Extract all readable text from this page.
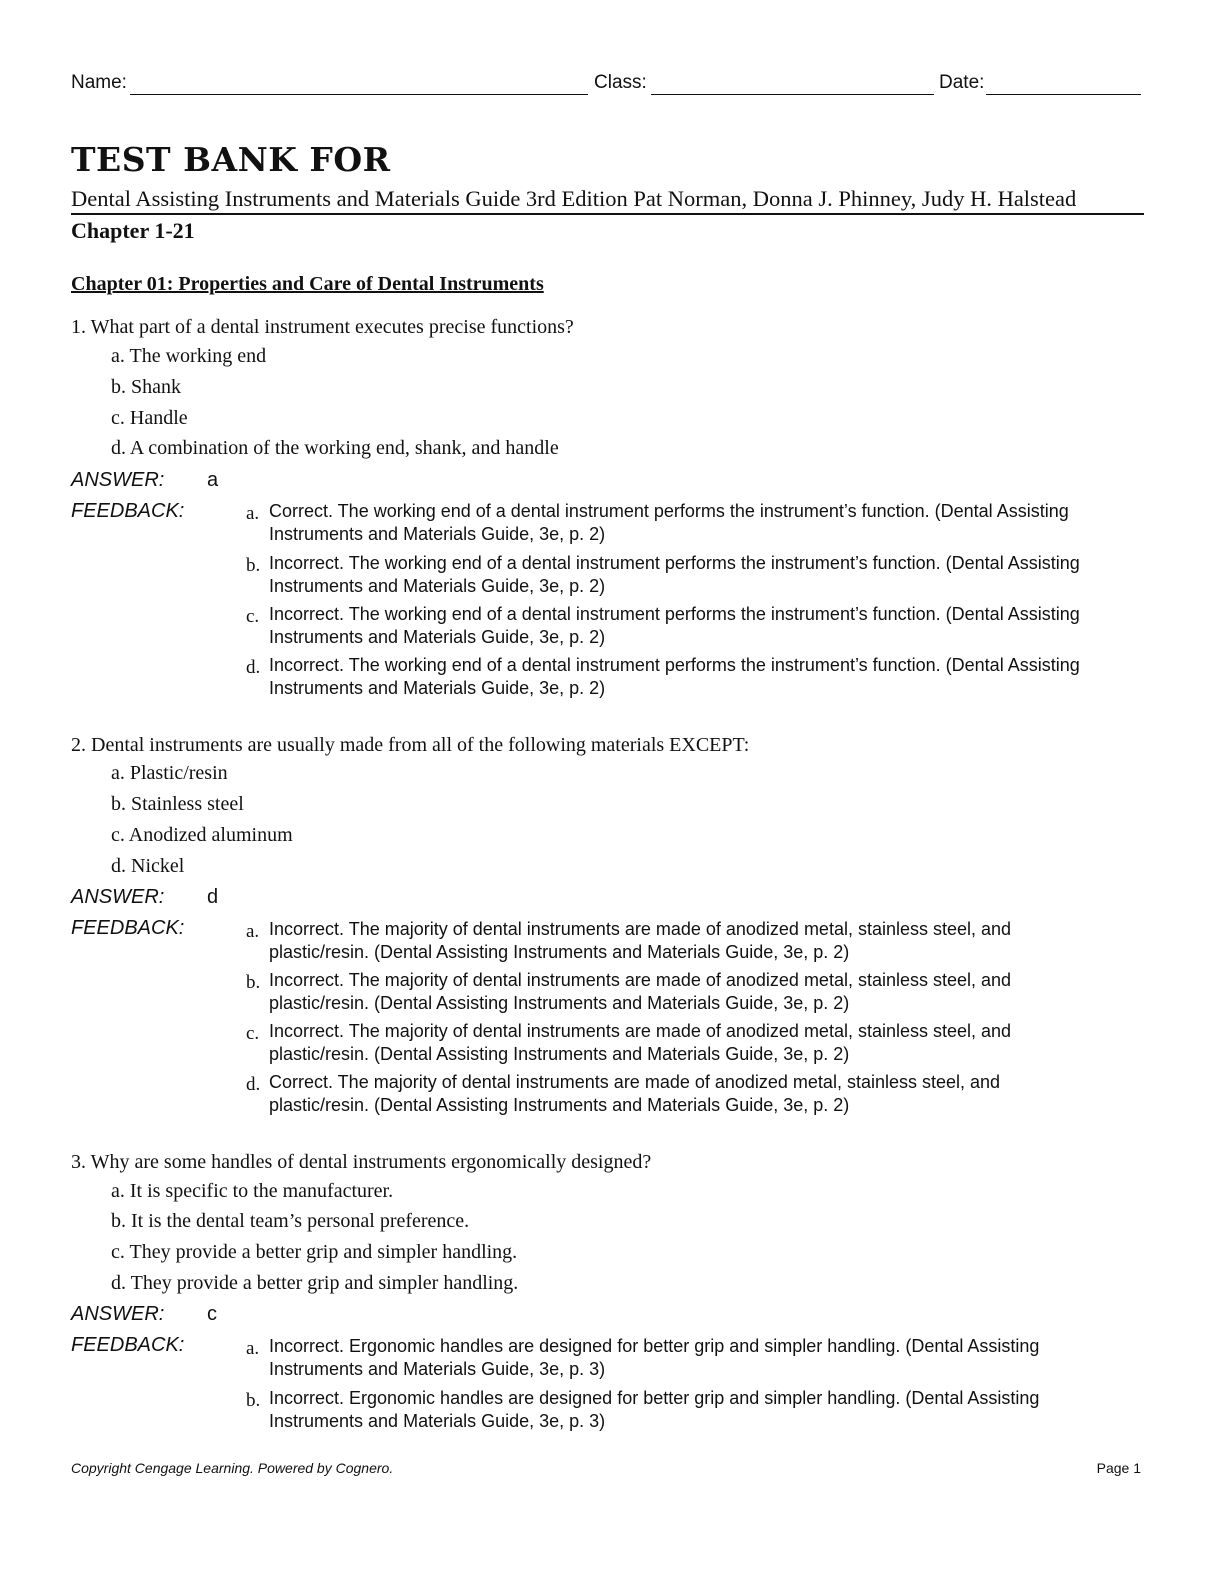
Name:	Class:	Date:
TEST BANK FOR
Dental Assisting Instruments and Materials Guide 3rd Edition Pat Norman, Donna J. Phinney, Judy H. Halstead
Chapter 1-21
Chapter 01: Properties and Care of Dental Instruments
1. What part of a dental instrument executes precise functions?
a. The working end
b. Shank
c. Handle
d. A combination of the working end, shank, and handle
ANSWER: a
FEEDBACK:	a. Correct. The working end of a dental instrument performs the instrument’s function. (Dental Assisting Instruments and Materials Guide, 3e, p. 2)
b. Incorrect. The working end of a dental instrument performs the instrument’s function. (Dental Assisting Instruments and Materials Guide, 3e, p. 2)
c. Incorrect. The working end of a dental instrument performs the instrument’s function. (Dental Assisting Instruments and Materials Guide, 3e, p. 2)
d. Incorrect. The working end of a dental instrument performs the instrument’s function. (Dental Assisting Instruments and Materials Guide, 3e, p. 2)
2. Dental instruments are usually made from all of the following materials EXCEPT:
a. Plastic/resin
b. Stainless steel
c. Anodized aluminum
d. Nickel
ANSWER: d
FEEDBACK:	a. Incorrect. The majority of dental instruments are made of anodized metal, stainless steel, and plastic/resin. (Dental Assisting Instruments and Materials Guide, 3e, p. 2)
b. Incorrect. The majority of dental instruments are made of anodized metal, stainless steel, and plastic/resin. (Dental Assisting Instruments and Materials Guide, 3e, p. 2)
c. Incorrect. The majority of dental instruments are made of anodized metal, stainless steel, and plastic/resin. (Dental Assisting Instruments and Materials Guide, 3e, p. 2)
d. Correct. The majority of dental instruments are made of anodized metal, stainless steel, and plastic/resin. (Dental Assisting Instruments and Materials Guide, 3e, p. 2)
3. Why are some handles of dental instruments ergonomically designed?
a. It is specific to the manufacturer.
b. It is the dental team’s personal preference.
c. They provide a better grip and simpler handling.
d. They provide a better grip and simpler handling.
ANSWER: c
FEEDBACK:	a. Incorrect. Ergonomic handles are designed for better grip and simpler handling. (Dental Assisting Instruments and Materials Guide, 3e, p. 3)
b. Incorrect. Ergonomic handles are designed for better grip and simpler handling. (Dental Assisting Instruments and Materials Guide, 3e, p. 3)
Copyright Cengage Learning. Powered by Cognero.	Page 1
